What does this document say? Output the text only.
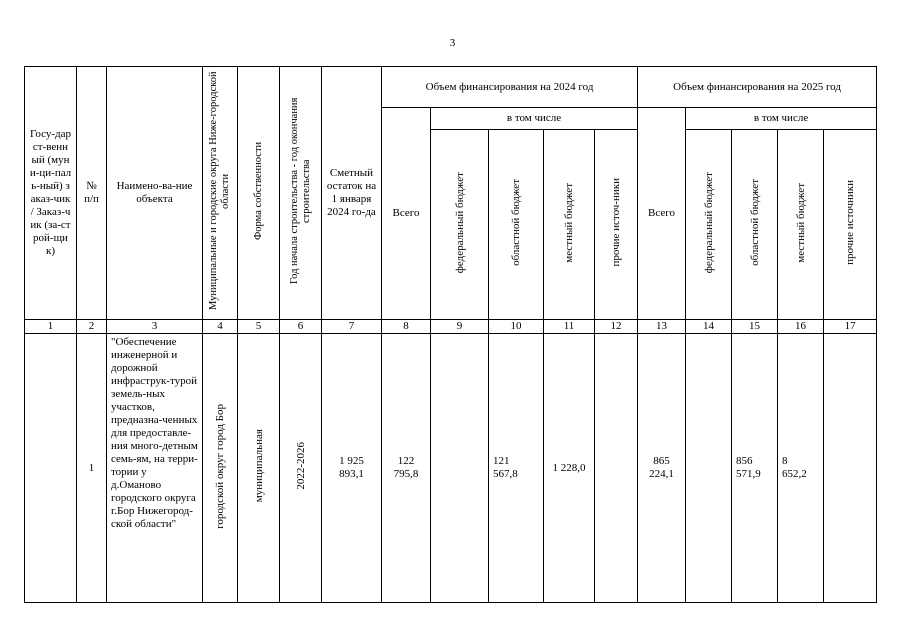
3
Госу-дарст-венный (муни-ци-паль-ный) заказ-чик / Заказ-чик (за-строй-щик)	№ п/п	Наимено-ва-ние объекта	Муниципальные и городские округа Ниже-городской области	Форма собственности	Год начала строительства - год окончания строительства	Сметный остаток на 1 января 2024 го-да	Объем финансирования на 2024 год					Объем финансирования на 2025 год				
							Всего	в том числе				Всего	в том числе			
								федеральный бюджет	областной бюджет	местный бюджет	прочие источ-ники		федеральный бюджет	областной бюджет	местный бюджет	прочие источники
1	2	3	4	5	6	7	8	9	10	11	12	13	14	15	16	17
	1	"Обеспечение инженерной и дорожной инфраструк-турой земель-ных участков, предназна-ченных для предоставле-ния много-детным семь-ям, на терри-тории у д.Оманово городского округа г.Бор Нижегород-ской области"	городской округ город Бор	муниципальная	2022-2026	1 925 893,1	122 795,8		121 567,8	1 228,0		865 224,1		856 571,9	8 652,2	
